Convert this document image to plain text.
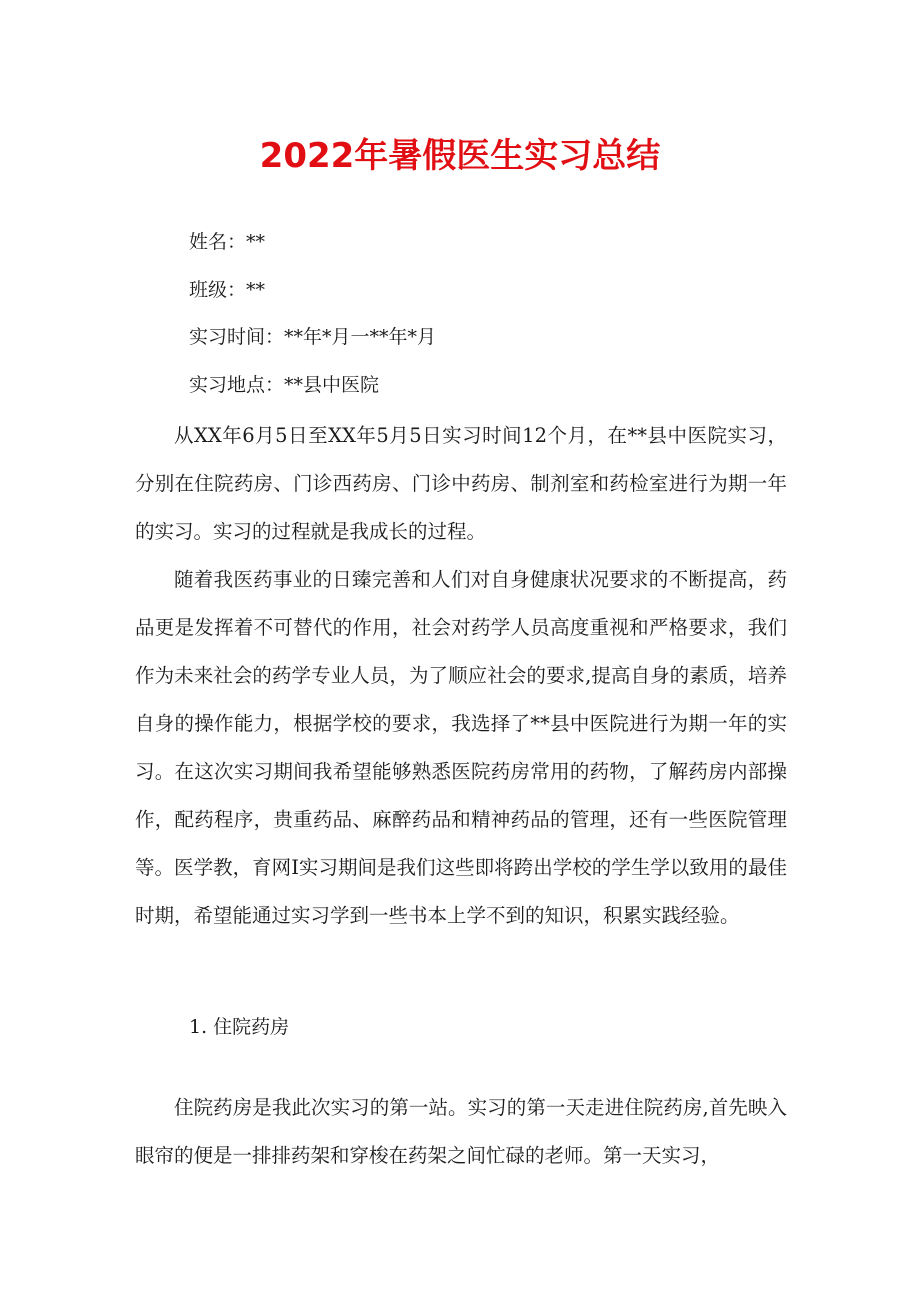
2022年暑假医生实习总结

姓名：**

班级：**

实习时间：**年*月一**年*月

实习地点：**县中医院

从XX年6月5日至XX年5月5日实习时间12个月，在**县中医院实习，分别在住院药房、门诊西药房、门诊中药房、制剂室和药检室进行为期一年的实习。实习的过程就是我成长的过程。

随着我医药事业的日臻完善和人们对自身健康状况要求的不断提高，药品更是发挥着不可替代的作用，社会对药学人员高度重视和严格要求，我们作为未来社会的药学专业人员，为了顺应社会的要求,提高自身的素质，培养自身的操作能力，根据学校的要求，我选择了**县中医院进行为期一年的实习。在这次实习期间我希望能够熟悉医院药房常用的药物，了解药房内部操作，配药程序，贵重药品、麻醉药品和精神药品的管理，还有一些医院管理等。医学教，育网I实习期间是我们这些即将跨出学校的学生学以致用的最佳时期，希望能通过实习学到一些书本上学不到的知识，积累实践经验。

1. 住院药房

住院药房是我此次实习的第一站。实习的第一天走进住院药房,首先映入眼帘的便是一排排药架和穿梭在药架之间忙碌的老师。第一天实习，
